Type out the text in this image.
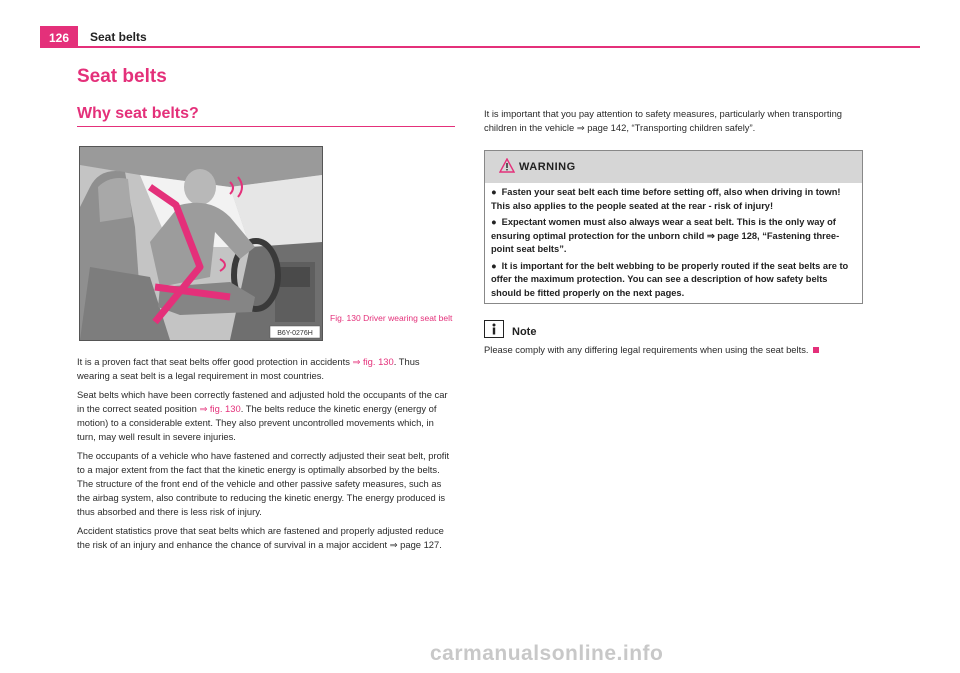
126	Seat belts
Seat belts
Why seat belts?
B6Y-0276H
Fig. 130 Driver wearing seat belt

It is a proven fact that seat belts offer good protection in accidents ⇒ fig. 130. Thus wearing a seat belt is a legal requirement in most countries.

Seat belts which have been correctly fastened and adjusted hold the occupants of the car in the correct seated position ⇒ fig. 130. The belts reduce the kinetic energy (energy of motion) to a considerable extent. They also prevent uncontrolled movements which, in turn, may well result in severe injuries.

The occupants of a vehicle who have fastened and correctly adjusted their seat belt, profit to a major extent from the fact that the kinetic energy is optimally absorbed by the belts. The structure of the front end of the vehicle and other passive safety measures, such as the airbag system, also contribute to reducing the kinetic energy. The energy produced is thus absorbed and there is less risk of injury.

Accident statistics prove that seat belts which are fastened and properly adjusted reduce the risk of an injury and enhance the chance of survival in a major accident ⇒ page 127.

It is important that you pay attention to safety measures, particularly when transporting children in the vehicle ⇒ page 142, “Transporting children safely”.
WARNING
● Fasten your seat belt each time before setting off, also when driving in town! This also applies to the people seated at the rear - risk of injury!
● Expectant women must also always wear a seat belt. This is the only way of ensuring optimal protection for the unborn child ⇒ page 128, “Fastening three-point seat belts”.
● It is important for the belt webbing to be properly routed if the seat belts are to offer the maximum protection. You can see a description of how safety belts should be fitted properly on the next pages.
Note
Please comply with any differing legal requirements when using the seat belts.
carmanualsonline.info
